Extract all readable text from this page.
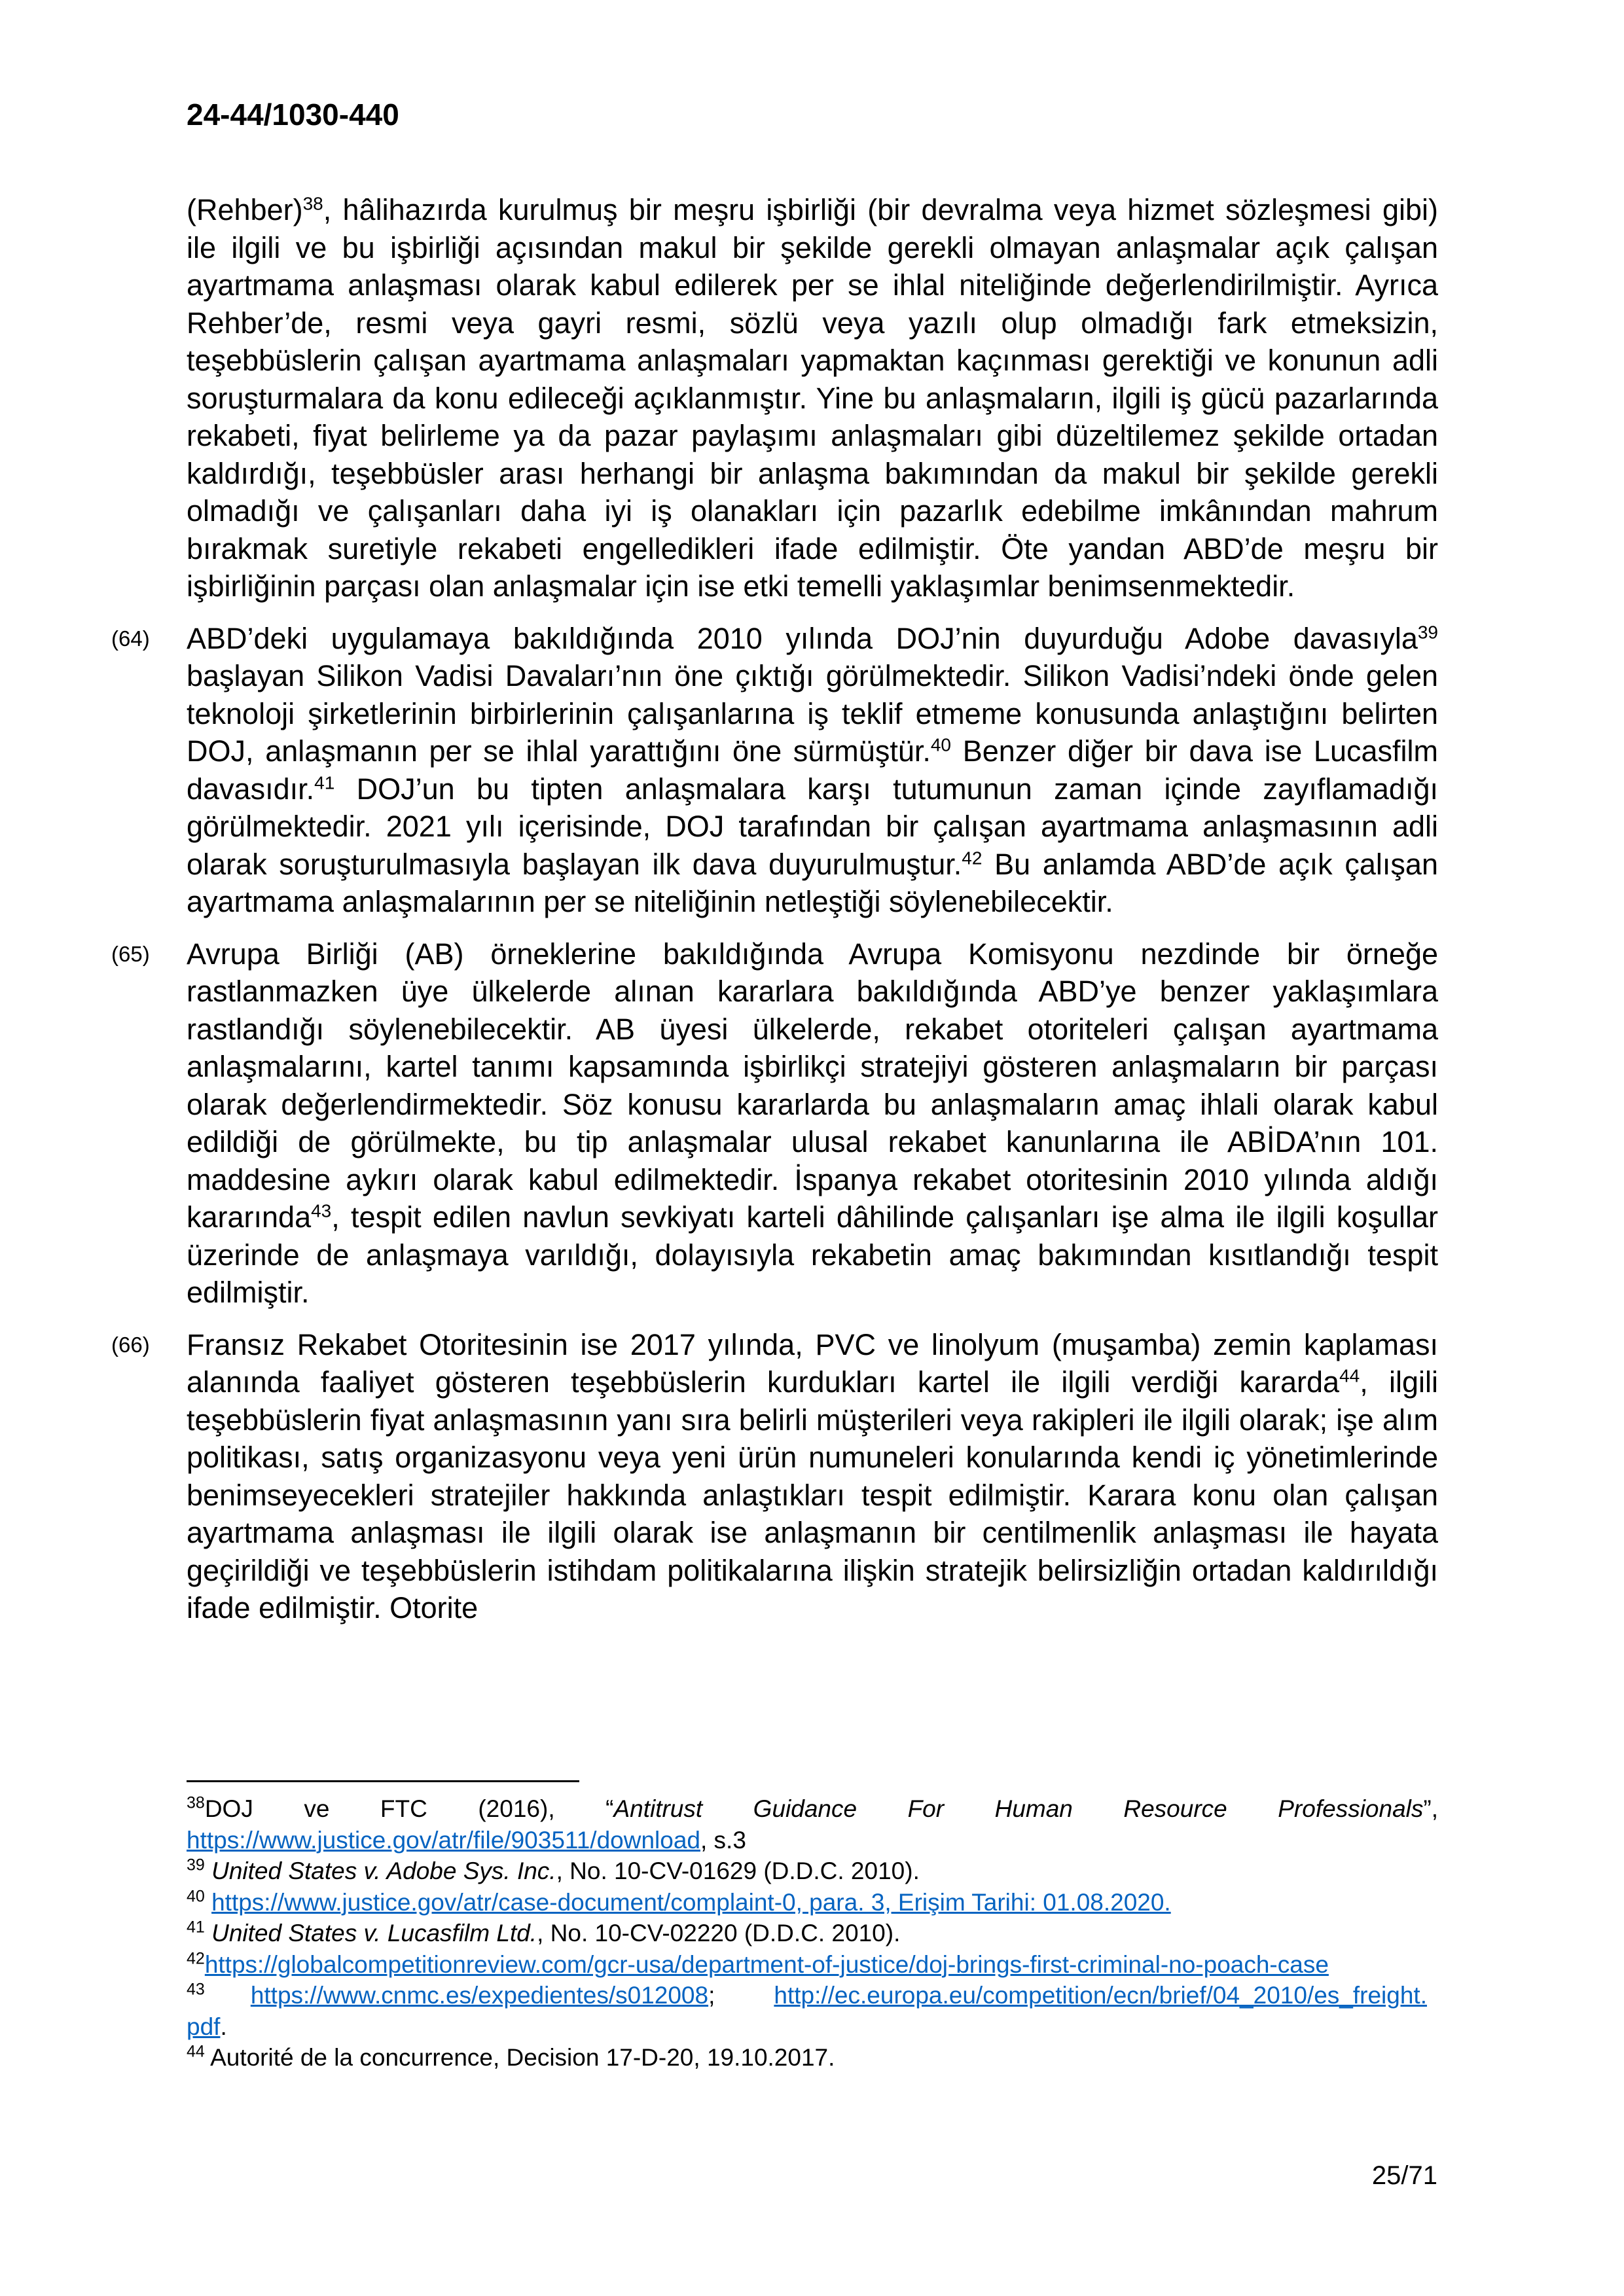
24-44/1030-440

(Rehber)$^{38}$, hâlihazırda kurulmuş bir meşru işbirliği (bir devralma veya hizmet sözleşmesi gibi) ile ilgili ve bu işbirliği açısından makul bir şekilde gerekli olmayan anlaşmalar açık çalışan ayartmama anlaşması olarak kabul edilerek per se ihlal niteliğinde değerlendirilmiştir. Ayrıca Rehber’de, resmi veya gayri resmi, sözlü veya yazılı olup olmadığı fark etmeksizin, teşebbüslerin çalışan ayartmama anlaşmaları yapmaktan kaçınması gerektiği ve konunun adli soruşturmalara da konu edileceği açıklanmıştır. Yine bu anlaşmaların, ilgili iş gücü pazarlarında rekabeti, fiyat belirleme ya da pazar paylaşımı anlaşmaları gibi düzeltilemez şekilde ortadan kaldırdığı, teşebbüsler arası herhangi bir anlaşma bakımından da makul bir şekilde gerekli olmadığı ve çalışanları daha iyi iş olanakları için pazarlık edebilme imkânından mahrum bırakmak suretiyle rekabeti engelledikleri ifade edilmiştir. Öte yandan ABD’de meşru bir işbirliğinin parçası olan anlaşmalar için ise etki temelli yaklaşımlar benimsenmektedir.

(64) ABD’deki uygulamaya bakıldığında 2010 yılında DOJ’nin duyurduğu Adobe davasıyla$^{39}$ başlayan Silikon Vadisi Davaları’nın öne çıktığı görülmektedir. Silikon Vadisi’ndeki önde gelen teknoloji şirketlerinin birbirlerinin çalışanlarına iş teklif etmeme konusunda anlaştığını belirten DOJ, anlaşmanın per se ihlal yarattığını öne sürmüştür.$^{40}$ Benzer diğer bir dava ise Lucasfilm davasıdır.$^{41}$ DOJ’un bu tipten anlaşmalara karşı tutumunun zaman içinde zayıflamadığı görülmektedir. 2021 yılı içerisinde, DOJ tarafından bir çalışan ayartmama anlaşmasının adli olarak soruşturulmasıyla başlayan ilk dava duyurulmuştur.$^{42}$ Bu anlamda ABD’de açık çalışan ayartmama anlaşmalarının per se niteliğinin netleştiği söylenebilecektir.

(65) Avrupa Birliği (AB) örneklerine bakıldığında Avrupa Komisyonu nezdinde bir örneğe rastlanmazken üye ülkelerde alınan kararlara bakıldığında ABD’ye benzer yaklaşımlara rastlandığı söylenebilecektir. AB üyesi ülkelerde, rekabet otoriteleri çalışan ayartmama anlaşmalarını, kartel tanımı kapsamında işbirlikçi stratejiyi gösteren anlaşmaların bir parçası olarak değerlendirmektedir. Söz konusu kararlarda bu anlaşmaların amaç ihlali olarak kabul edildiği de görülmekte, bu tip anlaşmalar ulusal rekabet kanunlarına ile ABİDA’nın 101. maddesine aykırı olarak kabul edilmektedir. İspanya rekabet otoritesinin 2010 yılında aldığı kararında$^{43}$, tespit edilen navlun sevkiyatı karteli dâhilinde çalışanları işe alma ile ilgili koşullar üzerinde de anlaşmaya varıldığı, dolayısıyla rekabetin amaç bakımından kısıtlandığı tespit edilmiştir.

(66) Fransız Rekabet Otoritesinin ise 2017 yılında, PVC ve linolyum (muşamba) zemin kaplaması alanında faaliyet gösteren teşebbüslerin kurdukları kartel ile ilgili verdiği kararda$^{44}$, ilgili teşebbüslerin fiyat anlaşmasının yanı sıra belirli müşterileri veya rakipleri ile ilgili olarak; işe alım politikası, satış organizasyonu veya yeni ürün numuneleri konularında kendi iç yönetimlerinde benimseyecekleri stratejiler hakkında anlaştıkları tespit edilmiştir. Karara konu olan çalışan ayartmama anlaşması ile ilgili olarak ise anlaşmanın bir centilmenlik anlaşması ile hayata geçirildiği ve teşebbüslerin istihdam politikalarına ilişkin stratejik belirsizliğin ortadan kaldırıldığı ifade edilmiştir. Otorite

$^{38}$DOJ ve FTC (2016), “Antitrust Guidance For Human Resource Professionals”, https://www.justice.gov/atr/file/903511/download, s.3

$^{39}$ United States v. Adobe Sys. Inc., No. 10-CV-01629 (D.D.C. 2010).

$^{40}$ https://www.justice.gov/atr/case-document/complaint-0, para. 3, Erişim Tarihi: 01.08.2020.

$^{41}$ United States v. Lucasfilm Ltd., No. 10-CV-02220 (D.D.C. 2010).

$^{42}$https://globalcompetitionreview.com/gcr-usa/department-of-justice/doj-brings-first-criminal-no-poach-case

$^{43}$ https://www.cnmc.es/expedientes/s012008; http://ec.europa.eu/competition/ecn/brief/04_2010/es_freight.pdf.

$^{44}$ Autorité de la concurrence, Decision 17-D-20, 19.10.2017.

25/71
